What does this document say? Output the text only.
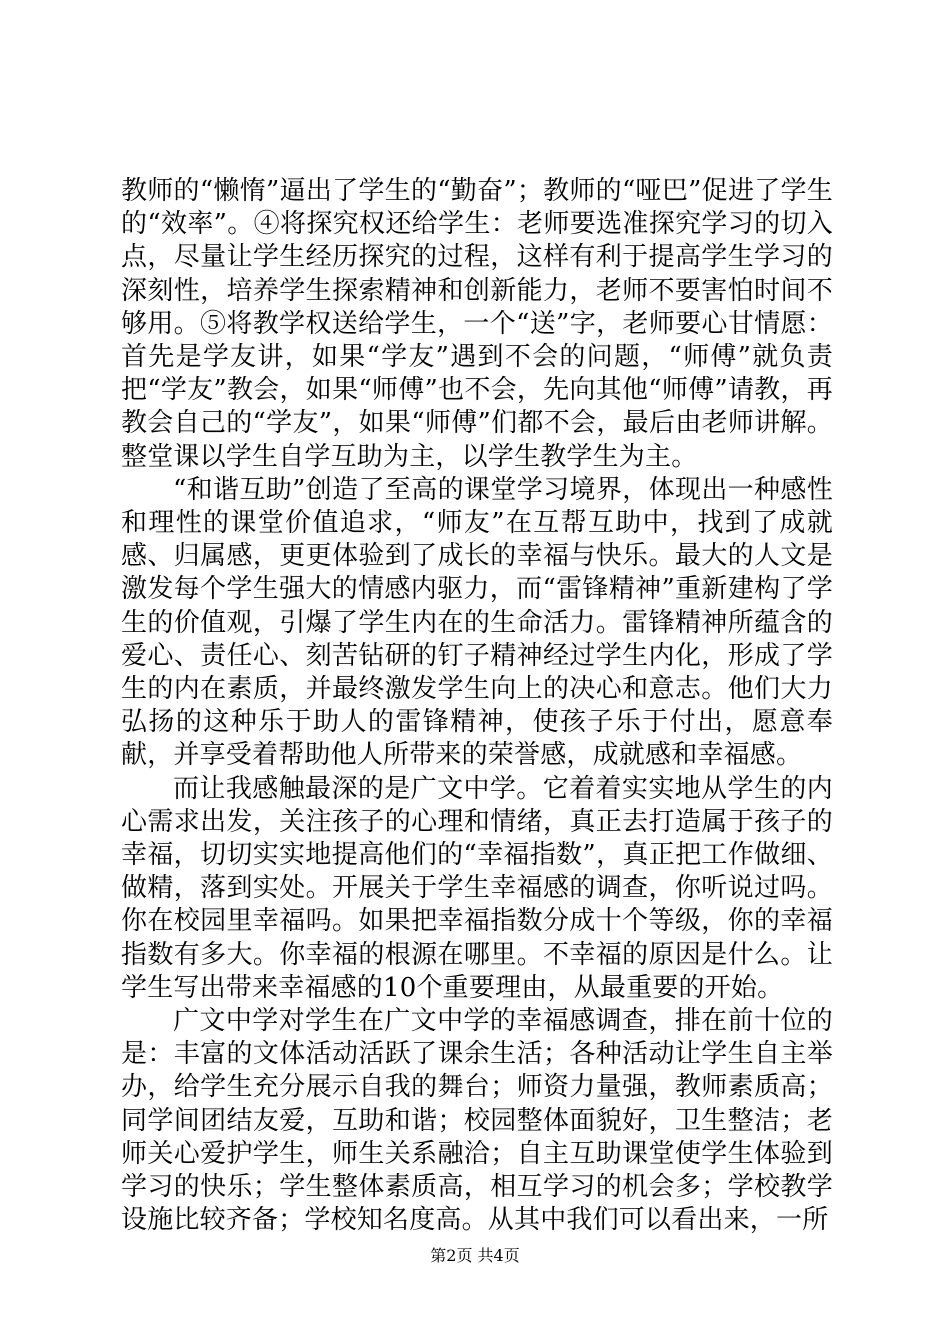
教师的“懒惰”逼出了学生的“勤奋”；教师的“哑巴”促进了学生的“效率”。④将探究权还给学生：老师要选准探究学习的切入点，尽量让学生经历探究的过程，这样有利于提高学生学习的深刻性，培养学生探索精神和创新能力，老师不要害怕时间不够用。⑤将教学权送给学生，一个“送”字，老师要心甘情愿：首先是学友讲，如果“学友”遇到不会的问题，“师傅”就负责把“学友”教会，如果“师傅”也不会，先向其他“师傅”请教，再教会自己的“学友”，如果“师傅”们都不会，最后由老师讲解。整堂课以学生自学互助为主，以学生教学生为主。

“和谐互助”创造了至高的课堂学习境界，体现出一种感性和理性的课堂价值追求，“师友”在互帮互助中，找到了成就感、归属感，更更体验到了成长的幸福与快乐。最大的人文是激发每个学生强大的情感内驱力，而“雷锋精神”重新建构了学生的价值观，引爆了学生内在的生命活力。雷锋精神所蕴含的爱心、责任心、刻苦钻研的钉子精神经过学生内化，形成了学生的内在素质，并最终激发学生向上的决心和意志。他们大力弘扬的这种乐于助人的雷锋精神，使孩子乐于付出，愿意奉献，并享受着帮助他人所带来的荣誉感，成就感和幸福感。

而让我感触最深的是广文中学。它着着实实地从学生的内心需求出发，关注孩子的心理和情绪，真正去打造属于孩子的幸福，切切实实地提高他们的“幸福指数”，真正把工作做细、做精，落到实处。开展关于学生幸福感的调查，你听说过吗。你在校园里幸福吗。如果把幸福指数分成十个等级，你的幸福指数有多大。你幸福的根源在哪里。不幸福的原因是什么。让学生写出带来幸福感的10个重要理由，从最重要的开始。

广文中学对学生在广文中学的幸福感调查，排在前十位的是：丰富的文体活动活跃了课余生活；各种活动让学生自主举办，给学生充分展示自我的舞台；师资力量强，教师素质高；同学间团结友爱，互助和谐；校园整体面貌好，卫生整洁；老师关心爱护学生，师生关系融洽；自主互助课堂使学生体验到学习的快乐；学生整体素质高，相互学习的机会多；学校教学设施比较齐备；学校知名度高。从其中我们可以看出来，一所

第2页 共4页
